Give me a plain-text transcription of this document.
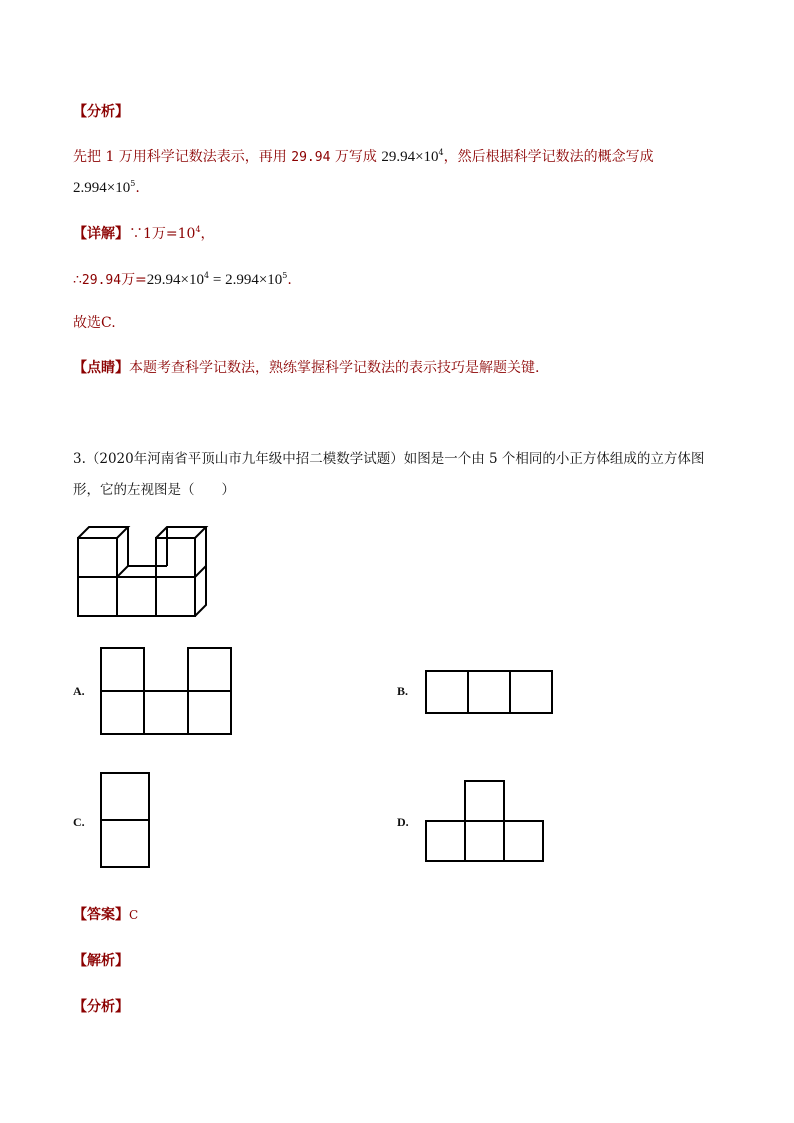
【分析】
先把 1 万用科学记数法表示，再用 29.94 万写成 $29.94\times 10^4$，然后根据科学记数法的概念写成
$2.994\times 10^5$.
【详解】∵1万$=10^4$，
∴29.94万$=29.94\times 10^4 = 2.994\times 10^5$.
故选C.
【点睛】本题考查科学记数法，熟练掌握科学记数法的表示技巧是解题关键.
3.（2020年河南省平顶山市九年级中招二模数学试题）如图是一个由 5 个相同的小正方体组成的立方体图
形，它的左视图是（　　）
A.	B.
C.	D.
【答案】C
【解析】
【分析】
